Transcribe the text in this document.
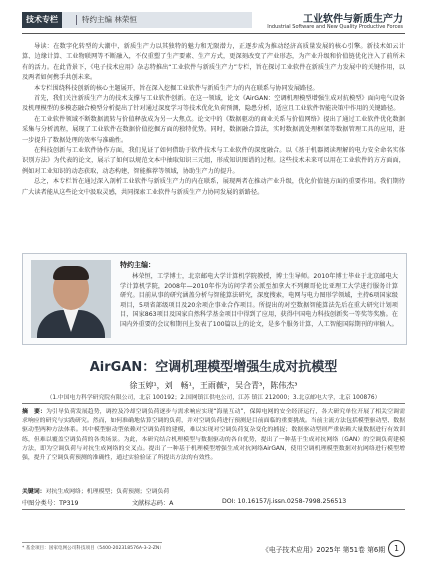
技术专栏	特约主编 林荣恒	工业软件与新质生产力
Industrial Software and New Quality Productive Forces

导读：在数字化转型的大潮中，新质生产力以其独特的魅力和无限潜力，正逐步成为推动经济高质量发展的核心引擎。新技术如云计算、边缘计算、工业物联网等不断融入，不仅重塑了生产要素、生产方式，更深刻改变了产业形态，为产业升级和价值链优化注入了前所未有的活力。在此背景下，《电子技术应用》杂志特推出“工业软件与新质生产力”专栏，旨在探讨工业软件在新质生产力发展中的关键作用，以及两者如何携手共创未来。

本专栏围绕科技创新的核心主题展开，旨在深入挖掘工业软件与新质生产力的内在联系与协同发展路径。

首先，我们关注新质生产力的技术支撑与工业软件创新。在这一领域，论文《AirGAN：空调机理模型增强生成对抗模型》面向电气设备及机理模型的多模态融合模型分析提出了针对通过深度学习等技术优化负荷预测，隐患分析，适应且工业软件智能决策中作用的关键路径。

在工业软件领域不断数据流转与价值释放成为另一大焦点。论文中的《数据驱动的商业关系与价值网络》提出了通过工业软件优化数据采集与分析流程，展现了工业软件在数据价值挖掘方面的独特优势。同时，数据融合算法，实时数据流处理框架等数据管理工具的应用，进一步提升了数据处理的效率与准确性。

在科技创新与工业软件协作方面，我们见证了如何借助于软件技术与工业软件的深度融合。以《基于机器阅读理解的电力安全命名实体识别方法》为代表的论文，展示了如何以规范文本中抽取知识三元组，形成知识图谱的过程。这些技术未来可以用在工业软件的方方面面，例如对工业知识的动态获取，动态构建，智能推荐等领域，协助生产力的提升。

总之，本专栏旨在通过深入剖析工业软件与新质生产力的内在联系，展现两者在推动产业升级，优化价值链方面的重要作用。我们期待广大读者能从这些论文中汲取灵感，共同探索工业软件与新质生产力协同发展的新路径。

特约主编：
林荣恒，工学博士，北京邮电大学计算机学院教授，博士生导师。2010年博士毕业于北京邮电大学计算机学院，2008年—2010年作为访问学者公派至加拿大不列颠哥伦比亚理工大学进行服务计算研究。目前从事的研究涵盖分析与智能算法研究，深度搜索，电网与电力图形学领域，主持6项国家级项目，5项省部级项目及20余项企事业合作项目。所提出的对空数据智能算法先后在重大研究计划项目，国家863项目及国家自然科学基金项目中得到了应用，获得中国电力科技创新奖一等奖等奖励。在国内外重要的会议和期刊上发表了100篇以上的论文，是多个服务计算，人工智能国际期刊的审稿人。
AirGAN：空调机理模型增强生成对抗模型
徐玉婷¹，刘　畅¹，王雨薇²，吴合青³，陈伟杰³
（1.中国电力科学研究院有限公司，北京 100192；2.国网镇江供电公司，江苏 镇江 212000；3.北京邮电大学，北京 100876）
摘　要：为引导负荷发展趋势，调控及冷却空调负荷逐步与需求响应实现“海量互动”，保障电网的安全经济运行，各大研究单位开展了相关空调需求响应的研究与实践研究。然而，如何准确地估算空调的负荷，并对空调负荷进行预测是目前面临的重要挑战。当前主流方法包括模型驱动型、数据驱动型两种方法体系。其中模型驱动型依赖对空调负荷的建模，难以实现对空调负荷复杂变化的捕捉；数据驱动型则严重依赖大量数据进行有效训练，但难以覆盖空调负荷的各类场景。为此，本研究结合机理模型与数据驱动的各自优势，提出了一种基于生成对抗网络（GAN）的空调负荷建模方法，即为空调负荷与对抗生成网络的交叉点。提出了一种基于机理模型增强生成对抗网络AirGAN，使用空调机理模型数据对抗网络进行模型增强，提升了空调负荷预测的准确性，通过实验验证了所提出方法的有效性。
关键词：对抗生成网络；机理模型；负荷预测；空调负荷
中图分类号：TP319	文献标志码：A	DOI: 10.16157/j.issn.0258-7998.256513
* 基金项目：国家电网公司科技项目（5400-202318576A-3-2-ZN）	《电子技术应用》2025年 第51卷 第6期	1
